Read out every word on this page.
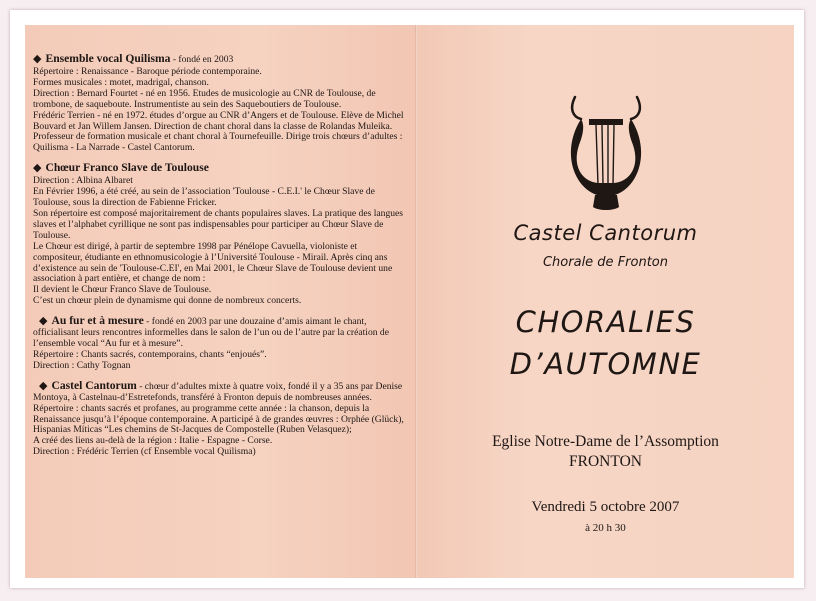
◆ Ensemble vocal Quilisma - fondé en 2003

Répertoire : Renaissance - Baroque période contemporaine.

Formes musicales : motet, madrigal, chanson.

Direction : Bernard Fourtet - né en 1956. Etudes de musicologie au CNR de Toulouse, de trombone, de saqueboute. Instrumentiste au sein des Saqueboutiers de Toulouse.

Frédéric Terrien - né en 1972. études d’orgue au CNR d’Angers et de Toulouse. Elève de Michel Bouvard et Jan Willem Jansen. Direction de chant choral dans la classe de Rolandas Muleika. Professeur de formation musicale et chant choral à Tournefeuille. Dirige trois chœurs d’adultes : Quilisma - La Narrade - Castel Cantorum.

◆ Chœur Franco Slave de Toulouse

Direction : Albina Albaret

En Février 1996, a été créé, au sein de l’association 'Toulouse - C.E.I.' le Chœur Slave de Toulouse, sous la direction de Fabienne Fricker.

Son répertoire est composé majoritairement de chants populaires slaves. La pratique des langues slaves et l’alphabet cyrillique ne sont pas indispensables pour participer au Chœur Slave de Toulouse.

Le Chœur est dirigé, à partir de septembre 1998 par Pénélope Cavuella, violoniste et compositeur, étudiante en ethnomusicologie à l’Université Toulouse - Mirail. Après cinq ans d’existence au sein de 'Toulouse-C.EI', en Mai 2001, le Chœur Slave de Toulouse devient une association à part entière, et change de nom :

Il devient le Chœur Franco Slave de Toulouse.

C’est un chœur plein de dynamisme qui donne de nombreux concerts.

◆ Au fur et à mesure - fondé en 2003 par une douzaine d’amis aimant le chant, officialisant leurs rencontres informelles dans le salon de l’un ou de l’autre par la création de l’ensemble vocal “Au fur et à mesure”.

Répertoire : Chants sacrés, contemporains, chants “enjoués”.

Direction : Cathy Tognan

◆ Castel Cantorum - chœur d’adultes mixte à quatre voix, fondé il y a 35 ans par Denise Montoya, à Castelnau-d’Estretefonds, transféré à Fronton depuis de nombreuses années.

Répertoire : chants sacrés et profanes, au programme cette année : la chanson, depuis la Renaissance jusqu’à l’époque contemporaine. A participé à de grandes œuvres : Orphée (Glück), Hispanias Míticas “Les chemins de St-Jacques de Compostelle (Ruben Velasquez);

A créé des liens au-delà de la région : Italie - Espagne - Corse.

Direction : Frédéric Terrien (cf Ensemble vocal Quilisma)

Castel Cantorum
Chorale de Fronton
CHORALIES
D’AUTOMNE
Eglise Notre-Dame de l’Assomption
FRONTON
Vendredi 5 octobre 2007
à 20 h 30
